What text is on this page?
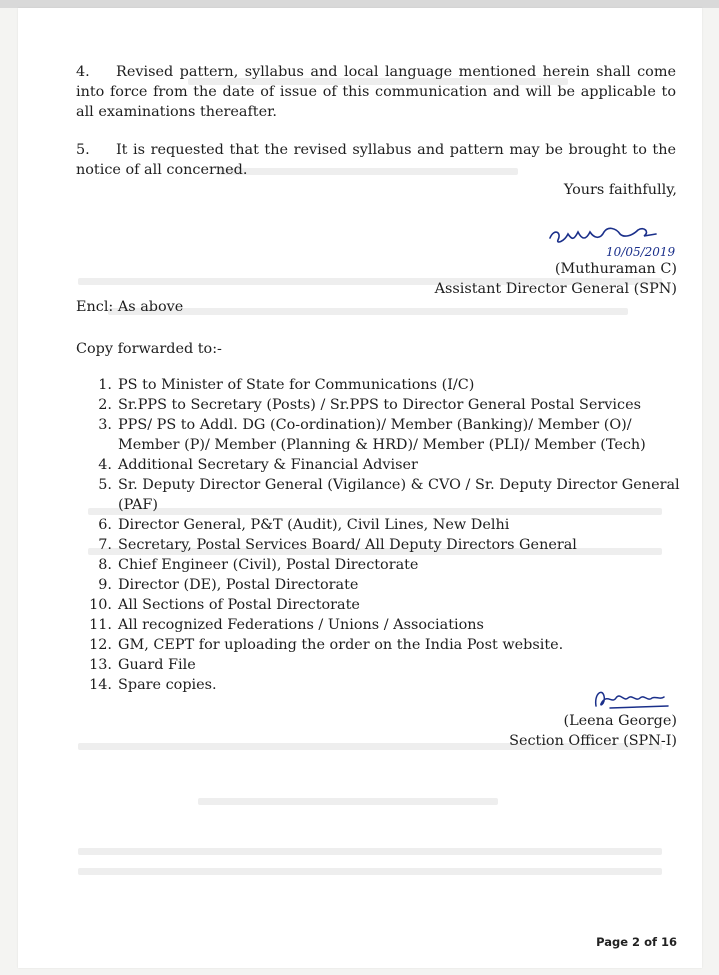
4. Revised pattern, syllabus and local language mentioned herein shall come into force from the date of issue of this communication and will be applicable to all examinations thereafter.
5. It is requested that the revised syllabus and pattern may be brought to the notice of all concerned.
Yours faithfully,
10/05/2019
(Muthuraman C)
Assistant Director General (SPN)
Encl: As above
Copy forwarded to:-
1. PS to Minister of State for Communications (I/C)
2. Sr.PPS to Secretary (Posts) / Sr.PPS to Director General Postal Services
3. PPS/ PS to Addl. DG (Co-ordination)/ Member (Banking)/ Member (O)/ Member (P)/ Member (Planning & HRD)/ Member (PLI)/ Member (Tech)
4. Additional Secretary & Financial Adviser
5. Sr. Deputy Director General (Vigilance) & CVO / Sr. Deputy Director General (PAF)
6. Director General, P&T (Audit), Civil Lines, New Delhi
7. Secretary, Postal Services Board/ All Deputy Directors General
8. Chief Engineer (Civil), Postal Directorate
9. Director (DE), Postal Directorate
10. All Sections of Postal Directorate
11. All recognized Federations / Unions / Associations
12. GM, CEPT for uploading the order on the India Post website.
13. Guard File
14. Spare copies.
(Leena George)
Section Officer (SPN-I)
Page 2 of 16
